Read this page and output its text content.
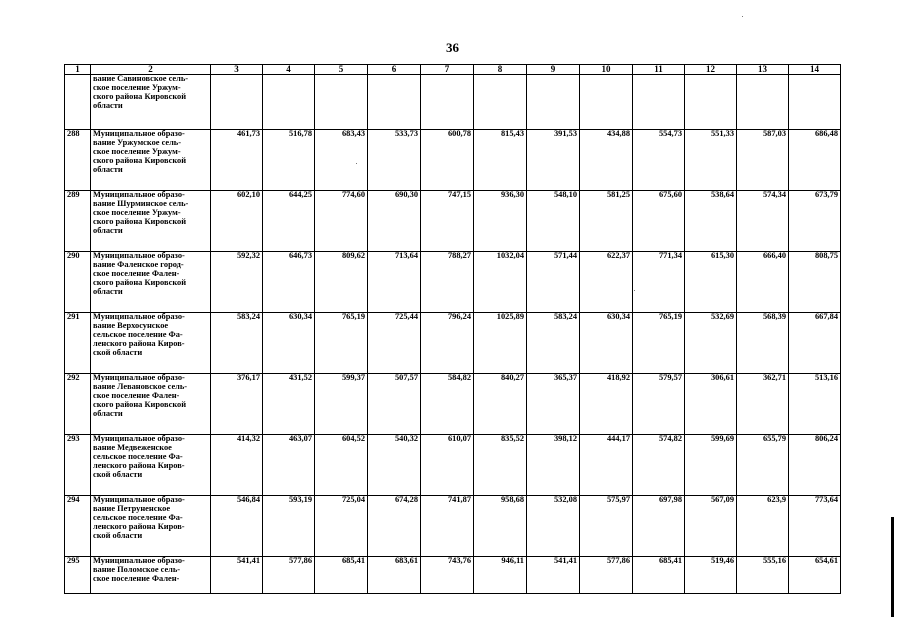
36
1	2	3	4	5	6	7	8	9	10	11	12	13	14
	вание Савиновское сель-
ское поселение Уржум-
ского района Кировской
области												
288	Муниципальное образо-
вание Уржумское сель-
ское поселение Уржум-
ского района Кировской
области	461,73	516,78	683,43	533,73	600,78	815,43	391,53	434,88	554,73	551,33	587,03	686,48
289	Муниципальное образо-
вание Шурминское сель-
ское поселение Уржум-
ского района Кировской
области	602,10	644,25	774,60	690,30	747,15	936,30	548,10	581,25	675,60	538,64	574,34	673,79
290	Муниципальное образо-
вание Фаленское город-
ское поселение Фален-
ского района Кировской
области	592,32	646,73	809,62	713,64	788,27	1032,04	571,44	622,37	771,34	615,30	666,40	808,75
291	Муниципальное образо-
вание Верхосунское
сельское поселение Фа-
ленского района Киров-
ской области	583,24	630,34	765,19	725,44	796,24	1025,89	583,24	630,34	765,19	532,69	568,39	667,84
292	Муниципальное образо-
вание Левановское сель-
ское поселение Фален-
ского района Кировской
области	376,17	431,52	599,37	507,57	584,82	840,27	365,37	418,92	579,57	306,61	362,71	513,16
293	Муниципальное образо-
вание Медвеженское
сельское поселение Фа-
ленского района Киров-
ской области	414,32	463,07	604,52	540,32	610,07	835,52	398,12	444,17	574,82	599,69	655,79	806,24
294	Муниципальное образо-
вание Петруненское
сельское поселение Фа-
ленского района Киров-
ской области	546,84	593,19	725,04	674,28	741,87	958,68	532,08	575,97	697,98	567,09	623,9	773,64
295	Муниципальное образо-
вание Поломское сель-
ское поселение Фален-	541,41	577,86	685,41	683,61	743,76	946,11	541,41	577,86	685,41	519,46	555,16	654,61
